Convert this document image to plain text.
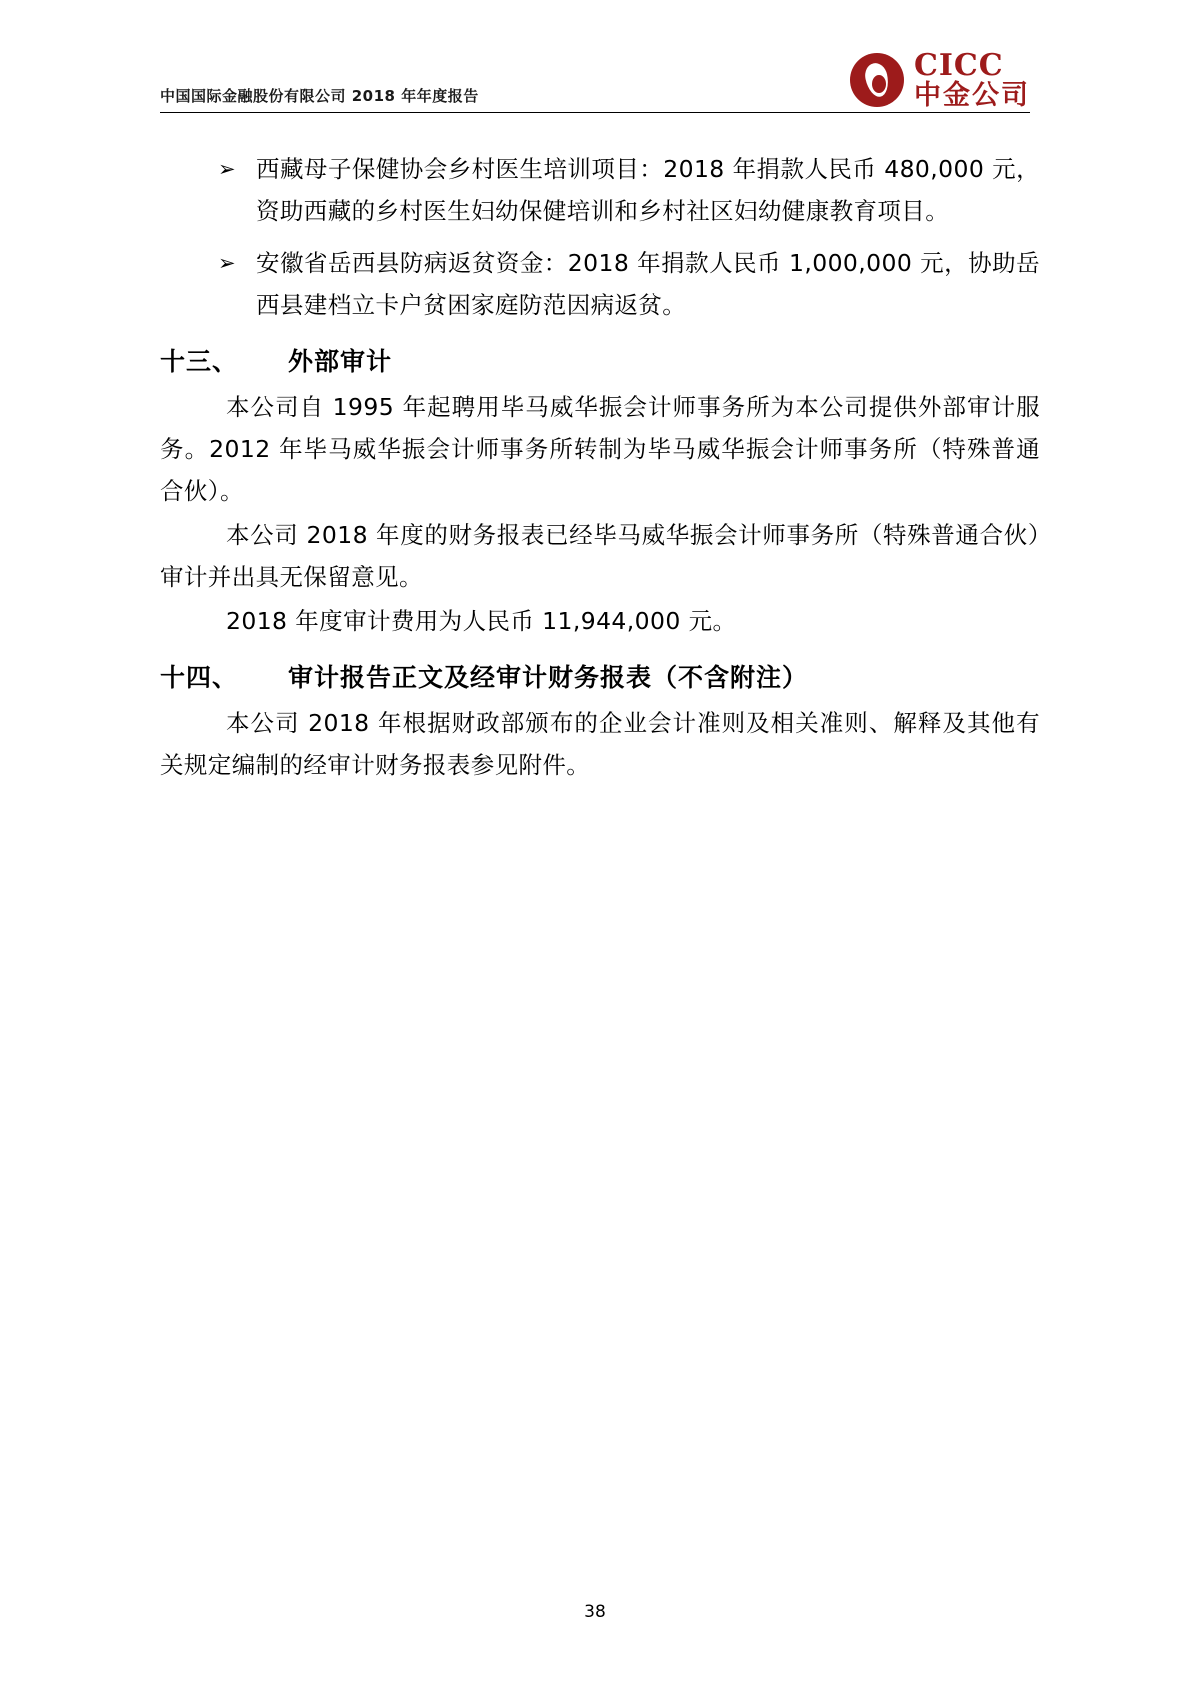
中国国际金融股份有限公司 2018 年年度报告
CICC
中金公司
➢ 西藏母子保健协会乡村医生培训项目：2018 年捐款人民币 480,000 元，资助西藏的乡村医生妇幼保健培训和乡村社区妇幼健康教育项目。
➢ 安徽省岳西县防病返贫资金：2018 年捐款人民币 1,000,000 元，协助岳西县建档立卡户贫困家庭防范因病返贫。
十三、 外部审计

本公司自 1995 年起聘用毕马威华振会计师事务所为本公司提供外部审计服务。2012 年毕马威华振会计师事务所转制为毕马威华振会计师事务所（特殊普通合伙）。

本公司 2018 年度的财务报表已经毕马威华振会计师事务所（特殊普通合伙）审计并出具无保留意见。

2018 年度审计费用为人民币 11,944,000 元。

十四、 审计报告正文及经审计财务报表（不含附注）

本公司 2018 年根据财政部颁布的企业会计准则及相关准则、解释及其他有关规定编制的经审计财务报表参见附件。

38
